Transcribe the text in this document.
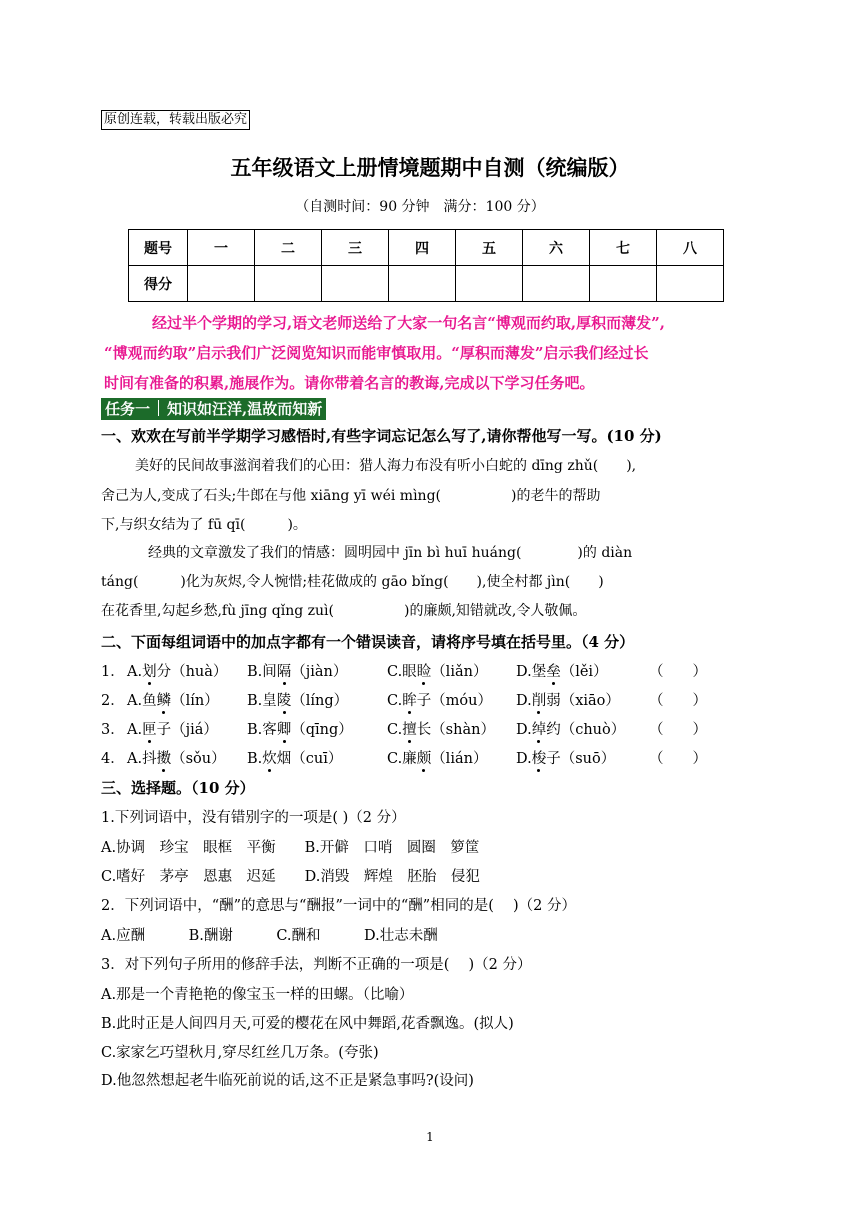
原创连载，转载出版必究
五年级语文上册情境题期中自测（统编版）
（自测时间：90 分钟　满分：100 分）
题号	一	二	三	四	五	六	七	八
得分								
经过半个学期的学习,语文老师送给了大家一句名言“博观而约取,厚积而薄发”,
“博观而约取”启示我们广泛阅览知识而能审慎取用。“厚积而薄发”启示我们经过长
时间有准备的积累,施展作为。请你带着名言的教诲,完成以下学习任务吧。
任务一 知识如汪洋,温故而知新
一、欢欢在写前半学期学习感悟时,有些字词忘记怎么写了,请你帮他写一写。(10 分)
美好的民间故事滋润着我们的心田：猎人海力布没有听小白蛇的 dīng zhǔ(　　),
舍己为人,变成了石头;牛郎在与他 xiāng yī wéi mìng(　　　　　)的老牛的帮助
下,与织女结为了 fū qī(　　　)。
经典的文章激发了我们的情感：圆明园中 jīn bì huī huáng(　　　　)的 diàn
táng(　　　)化为灰烬,令人惋惜;桂花做成的 gāo bǐng(　　),使全村都 jìn(　　)
在花香里,勾起乡愁,fù jīng qǐng zuì(　　　　　)的廉颇,知错就改,令人敬佩。
二、下面每组词语中的加点字都有一个错误读音，请将序号填在括号里。（4 分）
1． A.划分（huà） B.间隔（jiàn）	C.眼睑（liǎn） D.堡垒（lěi）	（　　）
2． A.鱼鳞（lín） B.皇陵（líng）	C.眸子（móu） D.削弱（xiāo） （　　）
3． A.匣子（jiá） B.客卿（qīng） C.擅长（shàn） D.绰约（chuò） （　　）
4． A.抖擞（sǒu） B.炊烟（cuī）	C.廉颇（lián） D.梭子（suō） （　　）
三、选择题。（10 分）
1.下列词语中，没有错别字的一项是( )（2 分）
A.协调　珍宝　眼框　平衡　　B.开僻　口哨　圆圈　箩筐
C.嗜好　茅亭　恩惠　迟延　　D.消毁　辉煌　胚胎　侵犯
2．下列词语中，“酬”的意思与“酬报”一词中的“酬”相同的是(　 )（2 分）
A.应酬　　　B.酬谢　　　C.酬和　　　D.壮志未酬
3．对下列句子所用的修辞手法，判断不正确的一项是(　 )（2 分）
A.那是一个青艳艳的像宝玉一样的田螺。（比喻）
B.此时正是人间四月天,可爱的樱花在风中舞蹈,花香飘逸。(拟人)
C.家家乞巧望秋月,穿尽红丝几万条。(夸张)
D.他忽然想起老牛临死前说的话,这不正是紧急事吗?(设问)
1
